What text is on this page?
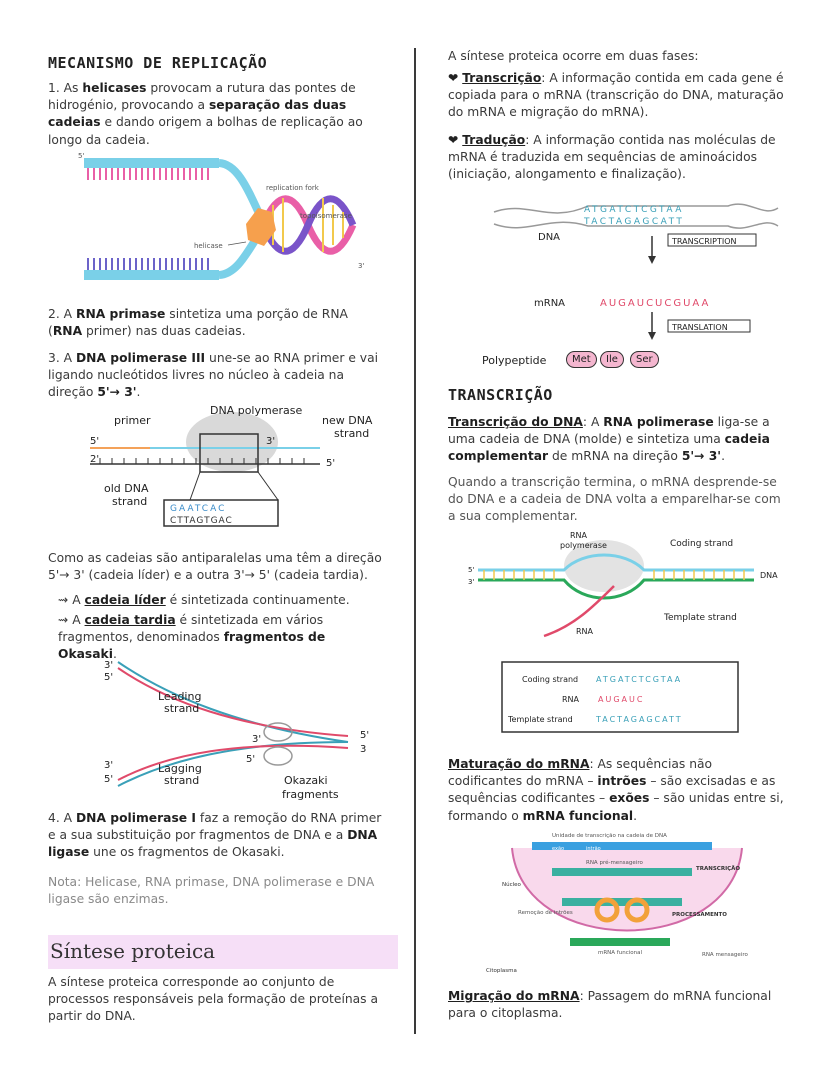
MECANISMO DE REPLICAÇÃO

1. As helicases provocam a rutura das pontes de hidrogénio, provocando a separação das duas cadeias e dando origem a bolhas de replicação ao longo da cadeia.

helicase
replication fork
topoisomerase
5'
3'

2. A RNA primase sintetiza uma porção de RNA (RNA primer) nas duas cadeias.

3. A DNA polimerase III une-se ao RNA primer e vai ligando nucleótidos livres no núcleo à cadeia na direção 5'→ 3'.

GAATCAC
CTTAGTGAC
DNA polymerase
primer	new DNA
strand
old DNA
strand
5'	3'
2'	5'

Como as cadeias são antiparalelas uma têm a direção 5'→ 3' (cadeia líder) e a outra 3'→ 5' (cadeia tardia).

⇝ A cadeia líder é sintetizada continuamente.

⇝ A cadeia tardia é sintetizada em vários fragmentos, denominados fragmentos de Okasaki.

Leading
strand
Lagging
strand	Okazaki
fragments
3'
5'
3'
5'
5'
3
3'
5'

4. A DNA polimerase I faz a remoção do RNA primer e a sua substituição por fragmentos de DNA e a DNA ligase une os fragmentos de Okasaki.

Nota: Helicase, RNA primase, DNA polimerase e DNA ligase são enzimas.

Síntese proteica

A síntese proteica corresponde ao conjunto de processos responsáveis pela formação de proteínas a partir do DNA.

A síntese proteica ocorre em duas fases:

❤ Transcrição: A informação contida em cada gene é copiada para o mRNA (transcrição do DNA, maturação do mRNA e migração do mRNA).

❤ Tradução: A informação contida nas moléculas de mRNA é traduzida em sequências de aminoácidos (iniciação, alongamento e finalização).

ATGATCTCGTAA
TACTAGAGCATT
DNA	TRANSCRIPTION
mRNA	AUGAUCUCGUAA
TRANSLATION
Polypeptide	Met	Ile	Ser
TRANSCRIÇÃO

Transcrição do DNA: A RNA polimerase liga-se a uma cadeia de DNA (molde) e sintetiza uma cadeia complementar de mRNA na direção 5'→ 3'.

Quando a transcrição termina, o mRNA desprende-se do DNA e a cadeia de DNA volta a emparelhar-se com a sua complementar.

RNA
polymerase	Coding strand
Template strand
DNA
RNA
5'
3'
Coding strand ATGATCTCGTAA
RNA AUGAUC
Template strand	TACTAGAGCATT

Maturação do mRNA: As sequências não codificantes do mRNA – intrões – são excisadas e as sequências codificantes – exões – são unidas entre si, formando o mRNA funcional.

Unidade de transcrição na cadeia de DNA
RNA pré-mensageiro
TRANSCRIÇÃO
Núcleo
Remoção de intrões	PROCESSAMENTO
mRNA funcional
Citoplasma
RNA mensageiro
exão	intrão

Migração do mRNA: Passagem do mRNA funcional para o citoplasma.
